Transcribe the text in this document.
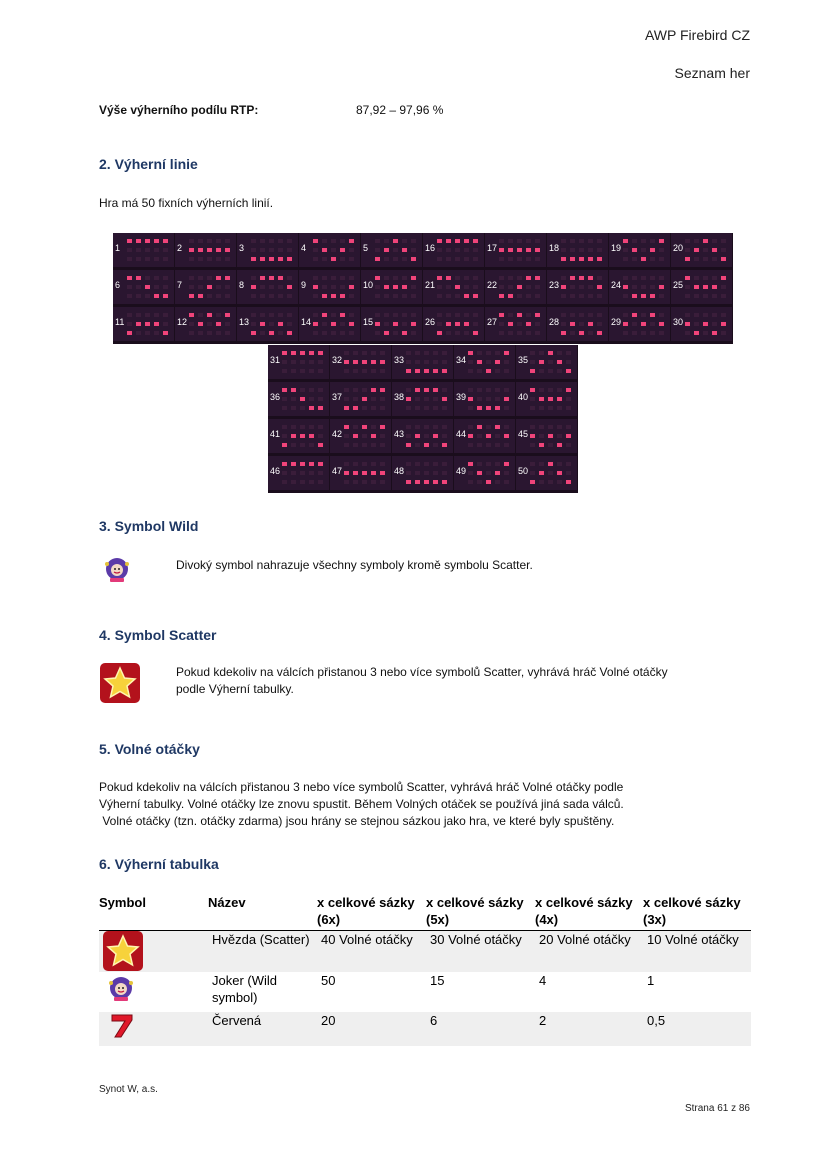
AWP Firebird CZ
Seznam her
Výše výherního podílu RTP:	87,92 – 97,96 %
2. Výherní linie
Hra má 50 fixních výherních linií.
1	2	3	4	5	16	17	18	19	20
6	7	8	9	10	21	22	23	24	25
11	12	13	14	15	26	27	28	29	30
31	32	33	34	35
36	37	38	39	40
41	42	43	44	45
46	47	48	49	50
3. Symbol Wild
Divoký symbol nahrazuje všechny symboly kromě symbolu Scatter.
4. Symbol Scatter
Pokud kdekoliv na válcích přistanou 3 nebo více symbolů Scatter, vyhrává hráč Volné otáčky
podle Výherní tabulky.
5. Volné otáčky
Pokud kdekoliv na válcích přistanou 3 nebo více symbolů Scatter, vyhrává hráč Volné otáčky podle
Výherní tabulky. Volné otáčky lze znovu spustit. Během Volných otáček se používá jiná sada válců.
Volné otáčky (tzn. otáčky zdarma) jsou hrány se stejnou sázkou jako hra, ve které byly spuštěny.
6. Výherní tabulka
Symbol	Název	x celkové sázky (6x)	x celkové sázky (5x)	x celkové sázky (4x)	x celkové sázky (3x)

	Hvězda (Scatter)	40 Volné otáčky	30 Volné otáčky	20 Volné otáčky	10 Volné otáčky
	Joker (Wild symbol)	50	15	4	1
	Červená	20	6	2	0,5
Synot W, a.s.
Strana 61 z 86
